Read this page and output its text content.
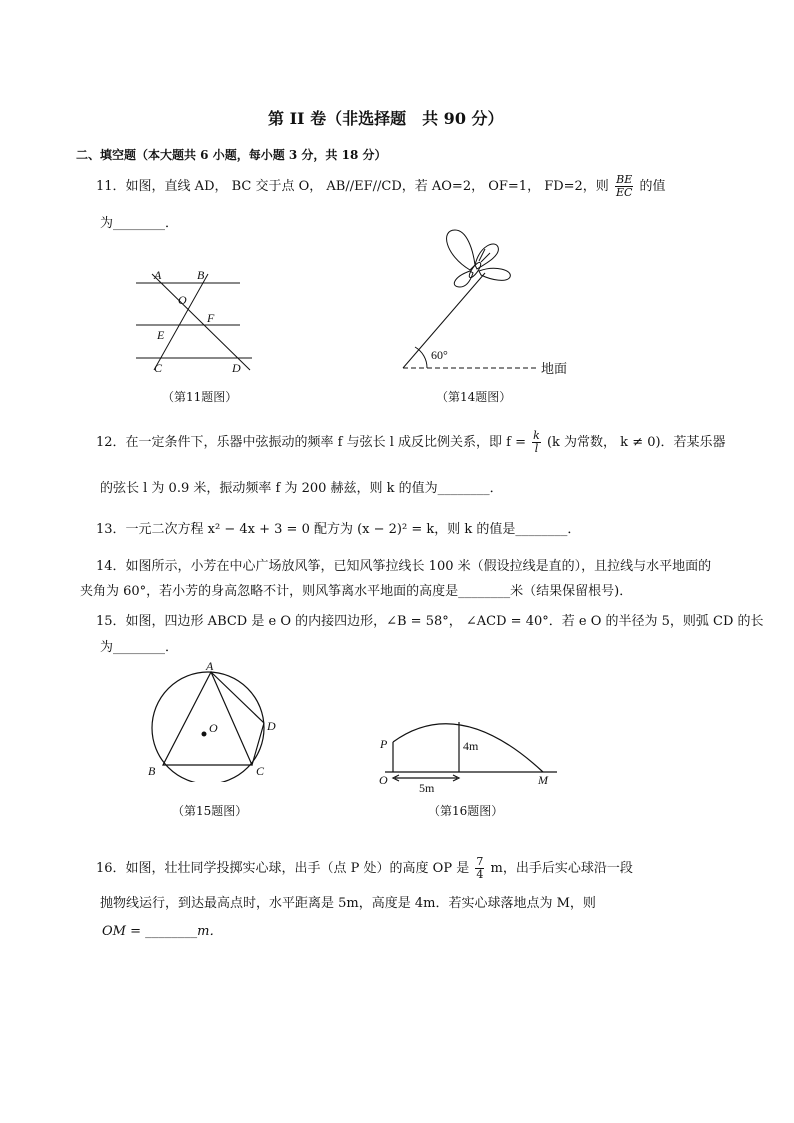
第 II 卷（非选择题　共 90 分）
二、填空题（本大题共 6 小题，每小题 3 分，共 18 分）
11．如图，直线 AD， BC 交于点 O， AB//EF//CD，若 AO=2， OF=1， FD=2，则 $\frac{BE}{EC}$ 的值
为________．
A	B
O
F
E
C	D
（第11题图）
60°
地面
（第14题图）
12．在一定条件下，乐器中弦振动的频率 f 与弦长 l 成反比例关系，即 $f = \frac{k}{l} (k$ 为常数， k ≠ 0)．若某乐器
的弦长 l 为 0.9 米，振动频率 f 为 200 赫兹，则 k 的值为________．
13．一元二次方程 x² − 4x + 3 = 0 配方为 (x − 2)² = k，则 k 的值是________．
14．如图所示，小芳在中心广场放风筝，已知风筝拉线长 100 米（假设拉线是直的），且拉线与水平地面的
夹角为 60°，若小芳的身高忽略不计，则风筝离水平地面的高度是________米（结果保留根号)．
15．如图，四边形 ABCD 是 e O 的内接四边形，∠B = 58°， ∠ACD = 40°．若 e O 的半径为 5，则弧 CD 的长
为________．
A
B	C
D
O
（第15题图）
P
O	M
4m
5m
（第16题图）
16．如图，壮壮同学投掷实心球，出手（点 P 处）的高度 OP 是 $\frac{7}{4}$ m，出手后实心球沿一段
抛物线运行，到达最高点时，水平距离是 5m，高度是 4m．若实心球落地点为 M，则
OM = ________m．
